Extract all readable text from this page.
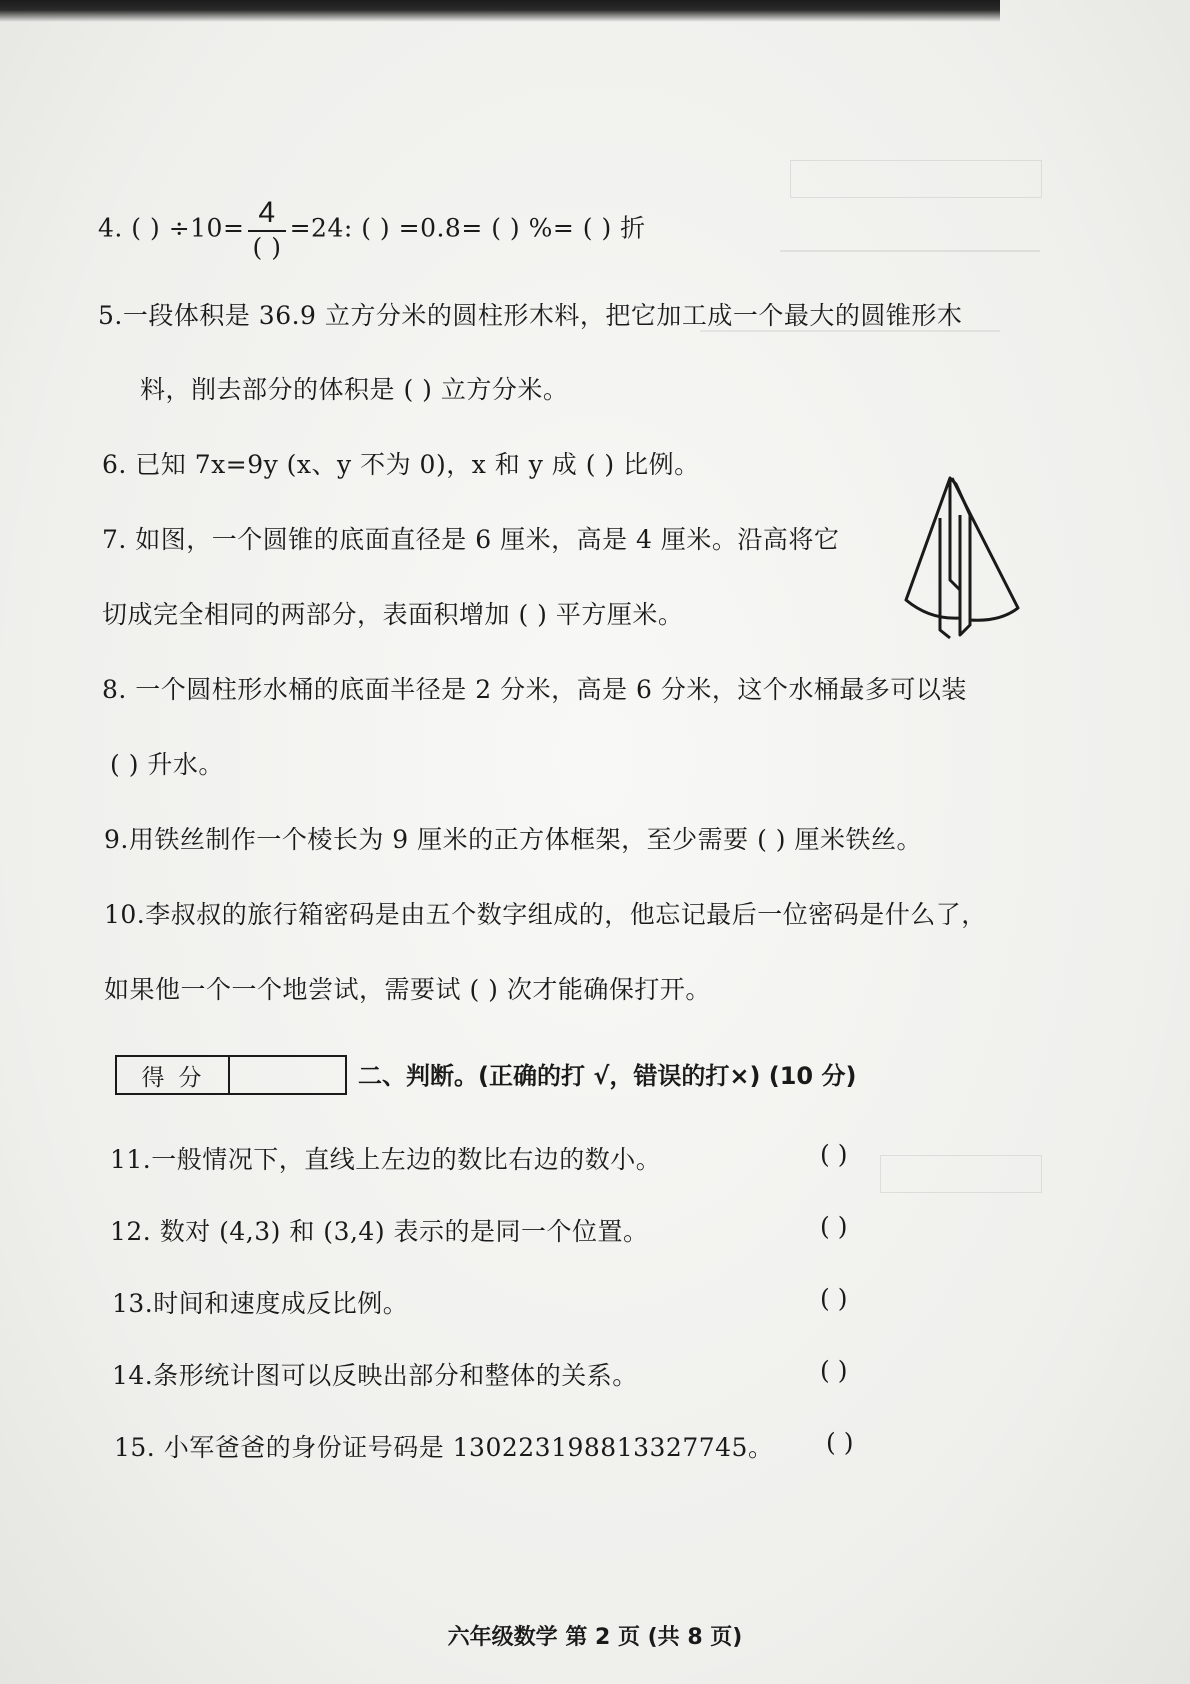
4. ( ) $\div 10= \frac{4}{( )} =24$: ( ) =0.8= ( ) %= ( ) 折
5.一段体积是 36.9 立方分米的圆柱形木料，把它加工成一个最大的圆锥形木
料，削去部分的体积是 ( ) 立方分米。
6. 已知 7x=9y (x、y 不为 0)，x 和 y 成 ( ) 比例。
7. 如图，一个圆锥的底面直径是 6 厘米，高是 4 厘米。沿高将它
切成完全相同的两部分，表面积增加 ( ) 平方厘米。
8. 一个圆柱形水桶的底面半径是 2 分米，高是 6 分米，这个水桶最多可以装
( ) 升水。
9.用铁丝制作一个棱长为 9 厘米的正方体框架，至少需要 ( ) 厘米铁丝。
10.李叔叔的旅行箱密码是由五个数字组成的，他忘记最后一位密码是什么了，
如果他一个一个地尝试，需要试 ( ) 次才能确保打开。
得分	二、判断。(正确的打 √，错误的打×) (10 分)
11.一般情况下，直线上左边的数比右边的数小。	( )
12. 数对 (4,3) 和 (3,4) 表示的是同一个位置。	( )
13.时间和速度成反比例。	( )
14.条形统计图可以反映出部分和整体的关系。	( )
15. 小军爸爸的身份证号码是 130223198813327745。 ( )
六年级数学 第 2 页 (共 8 页)
